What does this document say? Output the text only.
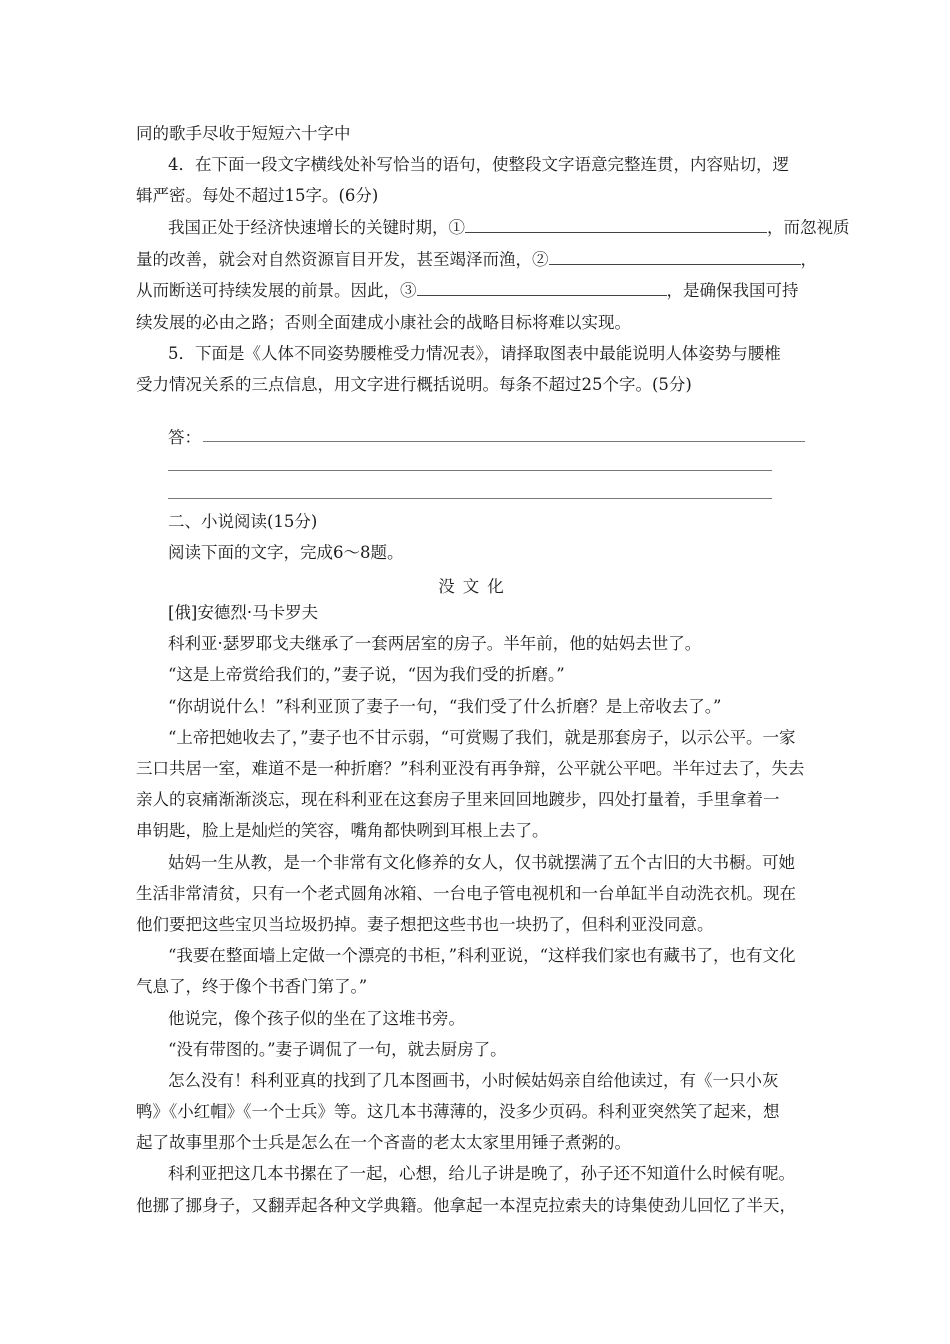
同的歌手尽收于短短六十字中
4．在下面一段文字横线处补写恰当的语句，使整段文字语意完整连贯，内容贴切，逻
辑严密。每处不超过15字。(6分)
我国正处于经济快速增长的关键时期，①	，而忽视质
量的改善，就会对自然资源盲目开发，甚至竭泽而渔，②	，
从而断送可持续发展的前景。因此，③	，是确保我国可持
续发展的必由之路；否则全面建成小康社会的战略目标将难以实现。
5．下面是《人体不同姿势腰椎受力情况表》，请择取图表中最能说明人体姿势与腰椎
受力情况关系的三点信息，用文字进行概括说明。每条不超过25个字。(5分)
答：
二、小说阅读(15分)
阅读下面的文字，完成6～8题。
没文化
[俄]安德烈·马卡罗夫
科利亚·瑟罗耶戈夫继承了一套两居室的房子。半年前，他的姑妈去世了。
“这是上帝赏给我们的，”妻子说，“因为我们受的折磨。”
“你胡说什么！”科利亚顶了妻子一句，“我们受了什么折磨？是上帝收去了。”
“上帝把她收去了，”妻子也不甘示弱，“可赏赐了我们，就是那套房子，以示公平。一家
三口共居一室，难道不是一种折磨？”科利亚没有再争辩，公平就公平吧。半年过去了，失去
亲人的哀痛渐渐淡忘，现在科利亚在这套房子里来回回地踱步，四处打量着，手里拿着一
串钥匙，脸上是灿烂的笑容，嘴角都快咧到耳根上去了。
姑妈一生从教，是一个非常有文化修养的女人，仅书就摆满了五个古旧的大书橱。可她
生活非常清贫，只有一个老式圆角冰箱、一台电子管电视机和一台单缸半自动洗衣机。现在
他们要把这些宝贝当垃圾扔掉。妻子想把这些书也一块扔了，但科利亚没同意。
“我要在整面墙上定做一个漂亮的书柜，”科利亚说，“这样我们家也有藏书了，也有文化
气息了，终于像个书香门第了。”
他说完，像个孩子似的坐在了这堆书旁。
“没有带图的。”妻子调侃了一句，就去厨房了。
怎么没有！科利亚真的找到了几本图画书，小时候姑妈亲自给他读过，有《一只小灰
鸭》《小红帽》《一个士兵》等。这几本书薄薄的，没多少页码。科利亚突然笑了起来，想
起了故事里那个士兵是怎么在一个吝啬的老太太家里用锤子煮粥的。
科利亚把这几本书摞在了一起，心想，给儿子讲是晚了，孙子还不知道什么时候有呢。
他挪了挪身子，又翻弄起各种文学典籍。他拿起一本涅克拉索夫的诗集使劲儿回忆了半天，
